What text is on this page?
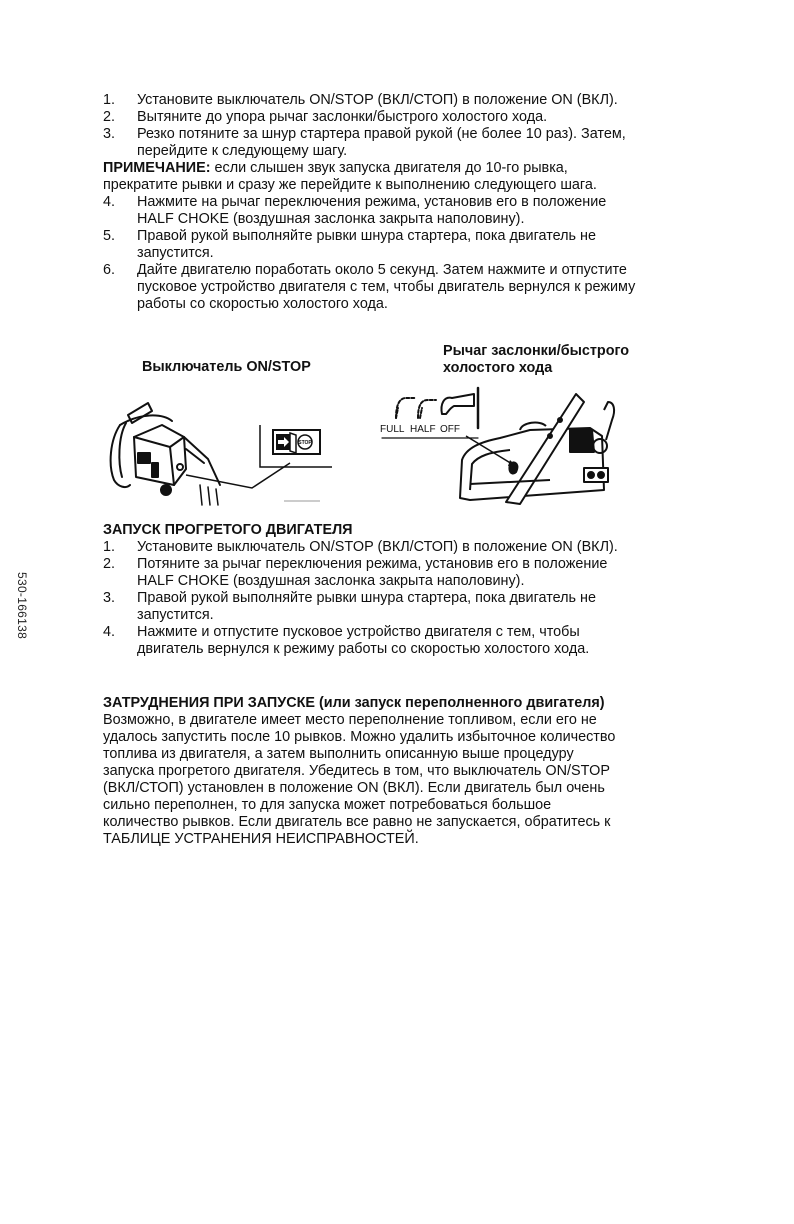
530-166138
1. Установите выключатель ON/STOP (ВКЛ/СТОП) в положение ON (ВКЛ).
2. Вытяните до упора рычаг заслонки/быстрого холостого хода.
3. Резко потяните за шнур стартера правой рукой (не более 10 раз). Затем, перейдите к следующему шагу.

ПРИМЕЧАНИЕ: если слышен звук запуска двигателя до 10-го рывка, прекратите рывки и сразу же перейдите к выполнению следующего шага.

4. Нажмите на рычаг переключения режима, установив его в положение HALF CHOKE (воздушная заслонка закрыта наполовину).
5. Правой рукой выполняйте рывки шнура стартера, пока двигатель не запустится.
6. Дайте двигателю поработать около 5 секунд. Затем нажмите и отпустите пусковое устройство двигателя с тем, чтобы двигатель вернулся к режиму работы со скоростью холостого хода.
Выключатель ON/STOP
Рычаг заслонки/быстрого
холостого хода
STOP
FULL HALF OFF
ЗАПУСК ПРОГРЕТОГО ДВИГАТЕЛЯ
1. Установите выключатель ON/STOP (ВКЛ/СТОП) в положение ON (ВКЛ).
2. Потяните за рычаг переключения режима, установив его в положение HALF CHOKE (воздушная заслонка закрыта наполовину).
3. Правой рукой выполняйте рывки шнура стартера, пока двигатель не запустится.
4. Нажмите и отпустите пусковое устройство двигателя с тем, чтобы двигатель вернулся к режиму работы со скоростью холостого хода.
ЗАТРУДНЕНИЯ ПРИ ЗАПУСКЕ (или запуск переполненного двигателя)

Возможно, в двигателе имеет место переполнение топливом, если его не удалось запустить после 10 рывков. Можно удалить избыточное количество топлива из двигателя, а затем выполнить описанную выше процедуру запуска прогретого двигателя. Убедитесь в том, что выключатель ON/STOP (ВКЛ/СТОП) установлен в положение ON (ВКЛ). Если двигатель был очень сильно переполнен, то для запуска может потребоваться большое количество рывков. Если двигатель все равно не запускается, обратитесь к ТАБЛИЦЕ УСТРАНЕНИЯ НЕИСПРАВНОСТЕЙ.
